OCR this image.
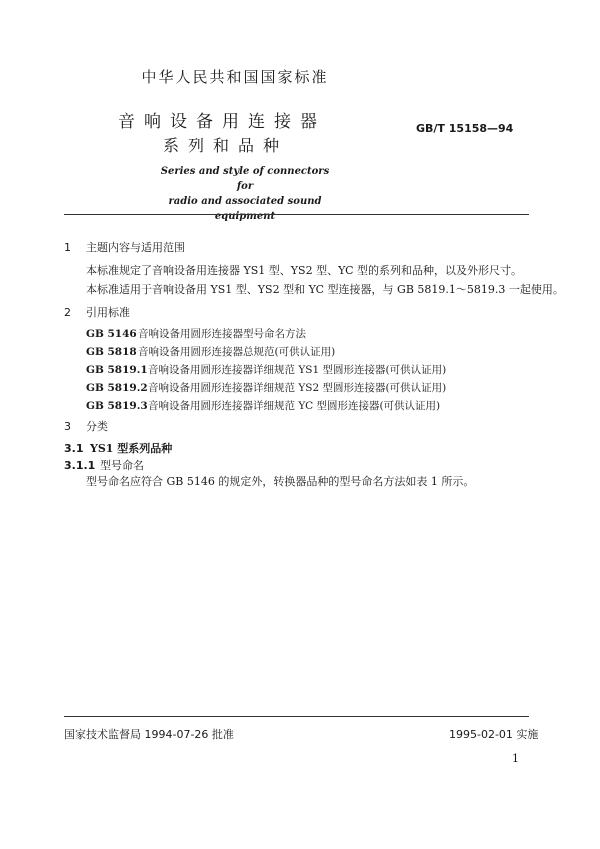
中华人民共和国国家标准
音响设备用连接器
系列和品种
GB/T 15158—94
Series and style of connectors for
radio and associated sound equipment
1 主题内容与适用范围
本标准规定了音响设备用连接器 YS1 型、YS2 型、YC 型的系列和品种，以及外形尺寸。
本标准适用于音响设备用 YS1 型、YS2 型和 YC 型连接器，与 GB 5819.1～5819.3 一起使用。
2 引用标准
GB 5146音响设备用圆形连接器型号命名方法
GB 5818音响设备用圆形连接器总规范(可供认证用)
GB 5819.1音响设备用圆形连接器详细规范 YS1 型圆形连接器(可供认证用)
GB 5819.2音响设备用圆形连接器详细规范 YS2 型圆形连接器(可供认证用)
GB 5819.3音响设备用圆形连接器详细规范 YC 型圆形连接器(可供认证用)
3 分类
3.1 YS1 型系列品种
3.1.1 型号命名
型号命名应符合 GB 5146 的规定外，转换器品种的型号命名方法如表 1 所示。
国家技术监督局 1994-07-26 批准	1995-02-01 实施
1
